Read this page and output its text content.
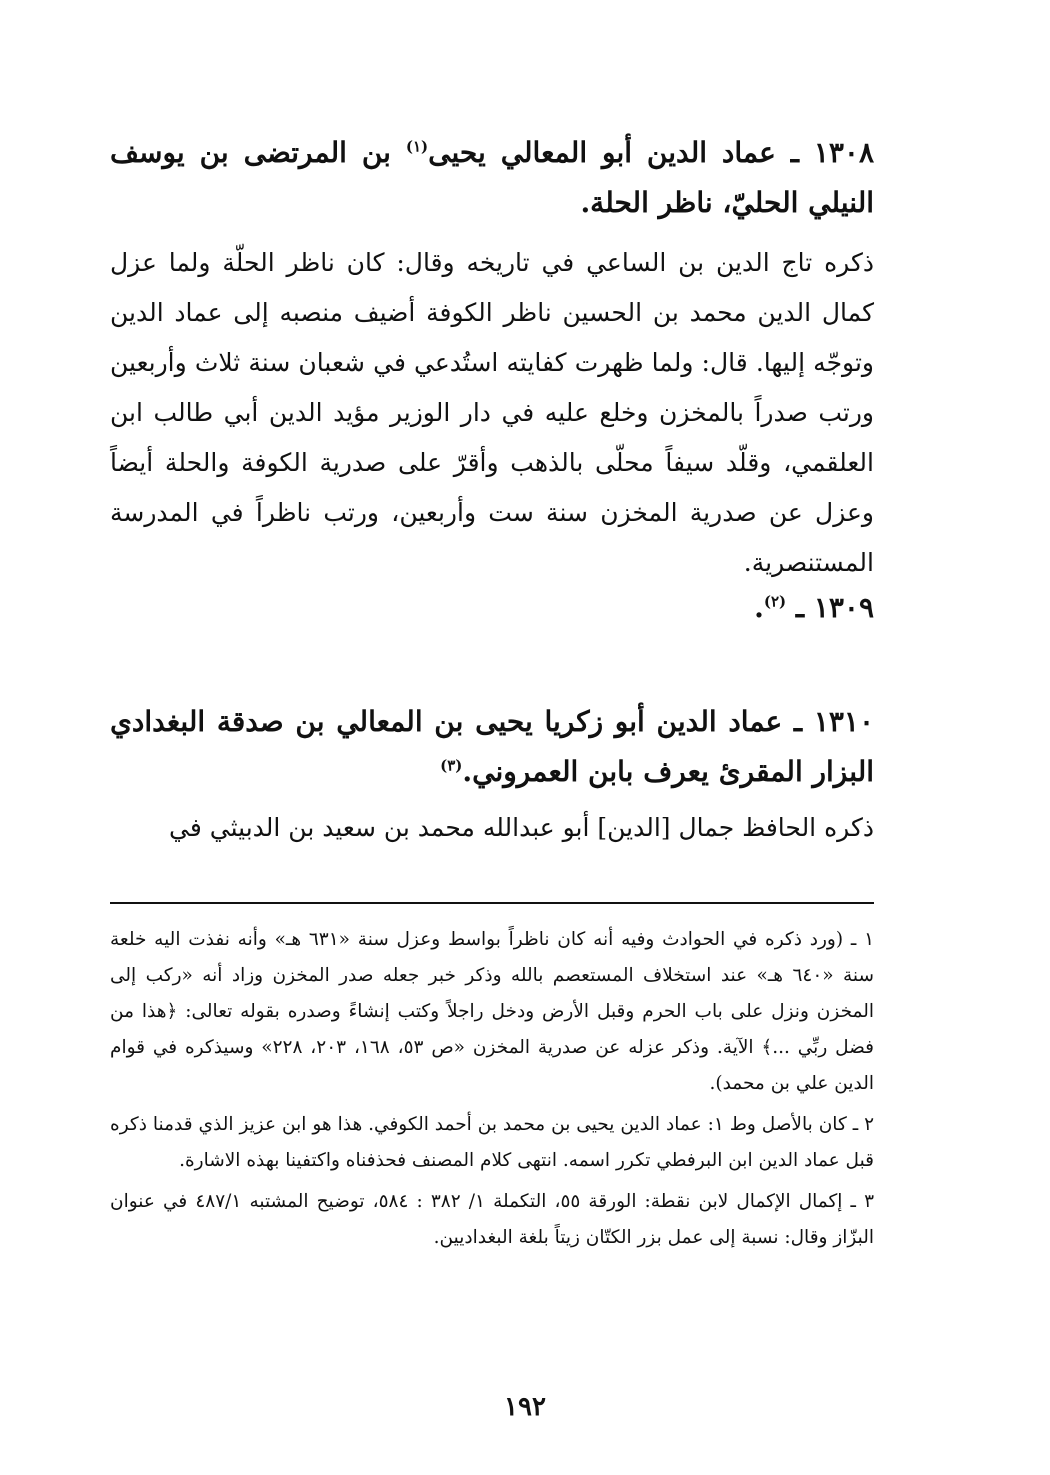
١٣٠٨ ـ عماد الدين أبو المعالي يحيى$^{(١)}$ بن المرتضى بن يوسف النيلي الحليّ، ناظر الحلة.
ذكره تاج الدين بن الساعي في تاريخه وقال: كان ناظر الحلّة ولما عزل كمال الدين محمد بن الحسين ناظر الكوفة أضيف منصبه إلى عماد الدين وتوجّه إليها. قال: ولما ظهرت كفايته استُدعي في شعبان سنة ثلاث وأربعين ورتب صدراً بالمخزن وخلع عليه في دار الوزير مؤيد الدين أبي طالب ابن العلقمي، وقلّد سيفاً محلّى بالذهب وأقرّ على صدرية الكوفة والحلة أيضاً وعزل عن صدرية المخزن سنة ست وأربعين، ورتب ناظراً في المدرسة المستنصرية.
١٣٠٩ ـ $^{(٢)}$.
١٣١٠ ـ عماد الدين أبو زكريا يحيى بن المعالي بن صدقة البغدادي البزار المقرئ يعرف بابن العمروني.$^{(٣)}$
ذكره الحافظ جمال [الدين] أبو عبدالله محمد بن سعيد بن الدبيثي في

١ ـ (ورد ذكره في الحوادث وفيه أنه كان ناظراً بواسط وعزل سنة «٦٣١ هـ» وأنه نفذت اليه خلعة سنة «٦٤٠ هـ» عند استخلاف المستعصم بالله وذكر خبر جعله صدر المخزن وزاد أنه «ركب إلى المخزن ونزل على باب الحرم وقبل الأرض ودخل راجلاً وكتب إنشاءً وصدره بقوله تعالى: ﴿هذا من فضل ربِّي ...﴾ الآية. وذكر عزله عن صدرية المخزن «ص ٥٣، ١٦٨، ٢٠٣، ٢٢٨» وسيذكره في قوام الدين علي بن محمد).

٢ ـ كان بالأصل وط ١: عماد الدين يحيى بن محمد بن أحمد الكوفي. هذا هو ابن عزيز الذي قدمنا ذكره قبل عماد الدين ابن البرفطي تكرر اسمه. انتهى كلام المصنف فحذفناه واكتفينا بهذه الاشارة.

٣ ـ إكمال الإكمال لابن نقطة: الورقة ٥٥، التكملة ١/ ٣٨٢ : ٥٨٤، توضيح المشتبه ٤٨٧/١ في عنوان البزّاز وقال: نسبة إلى عمل بزر الكتّان زيتاً بلغة البغداديين.

١٩٢
